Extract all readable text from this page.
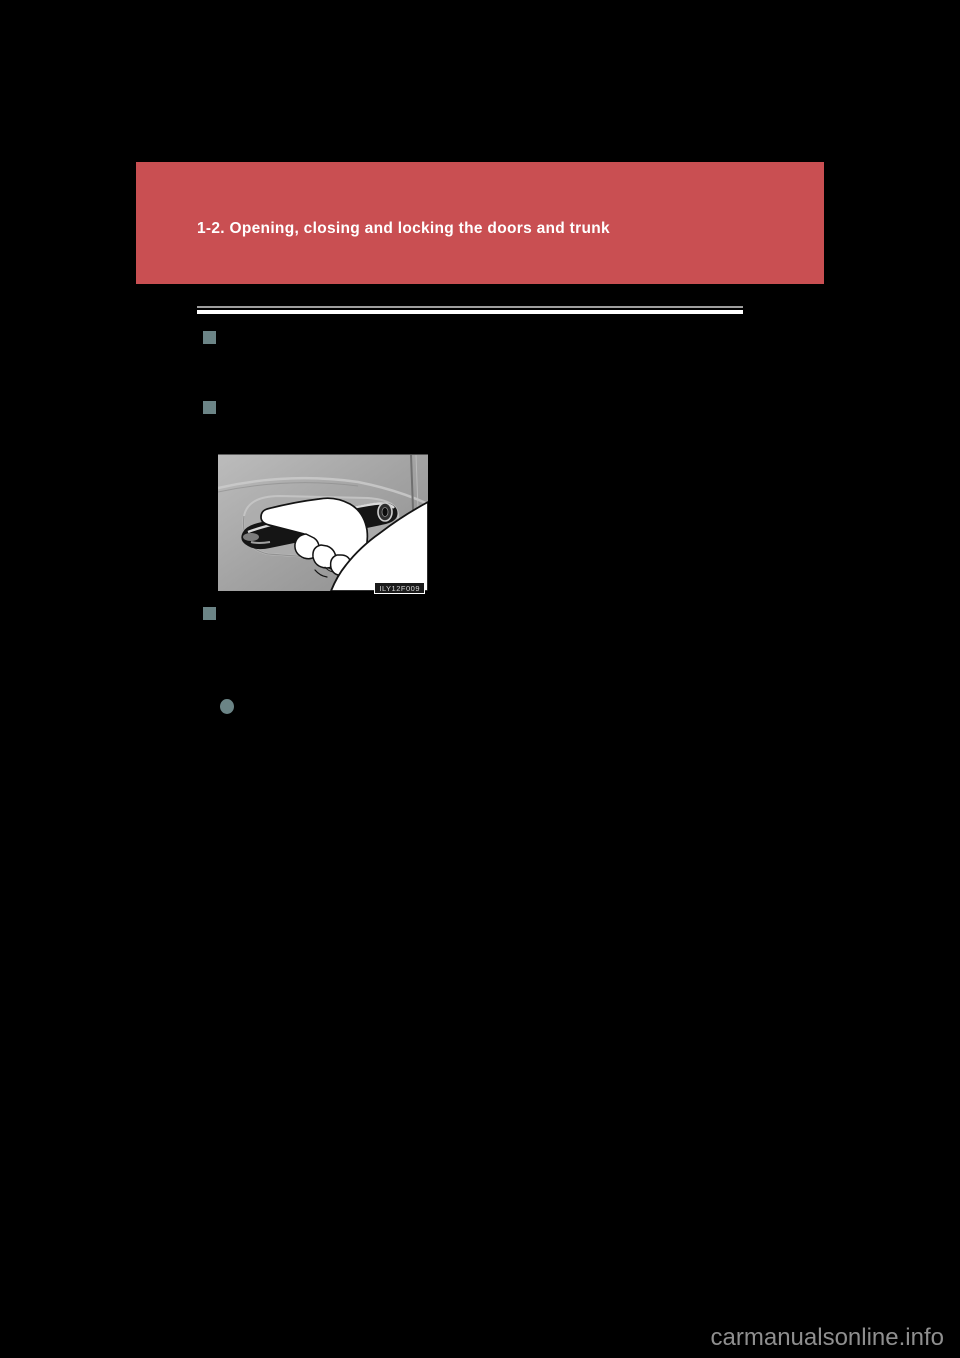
1-2. Opening, closing and locking the doors and trunk
ILY12F009
carmanualsonline.info
